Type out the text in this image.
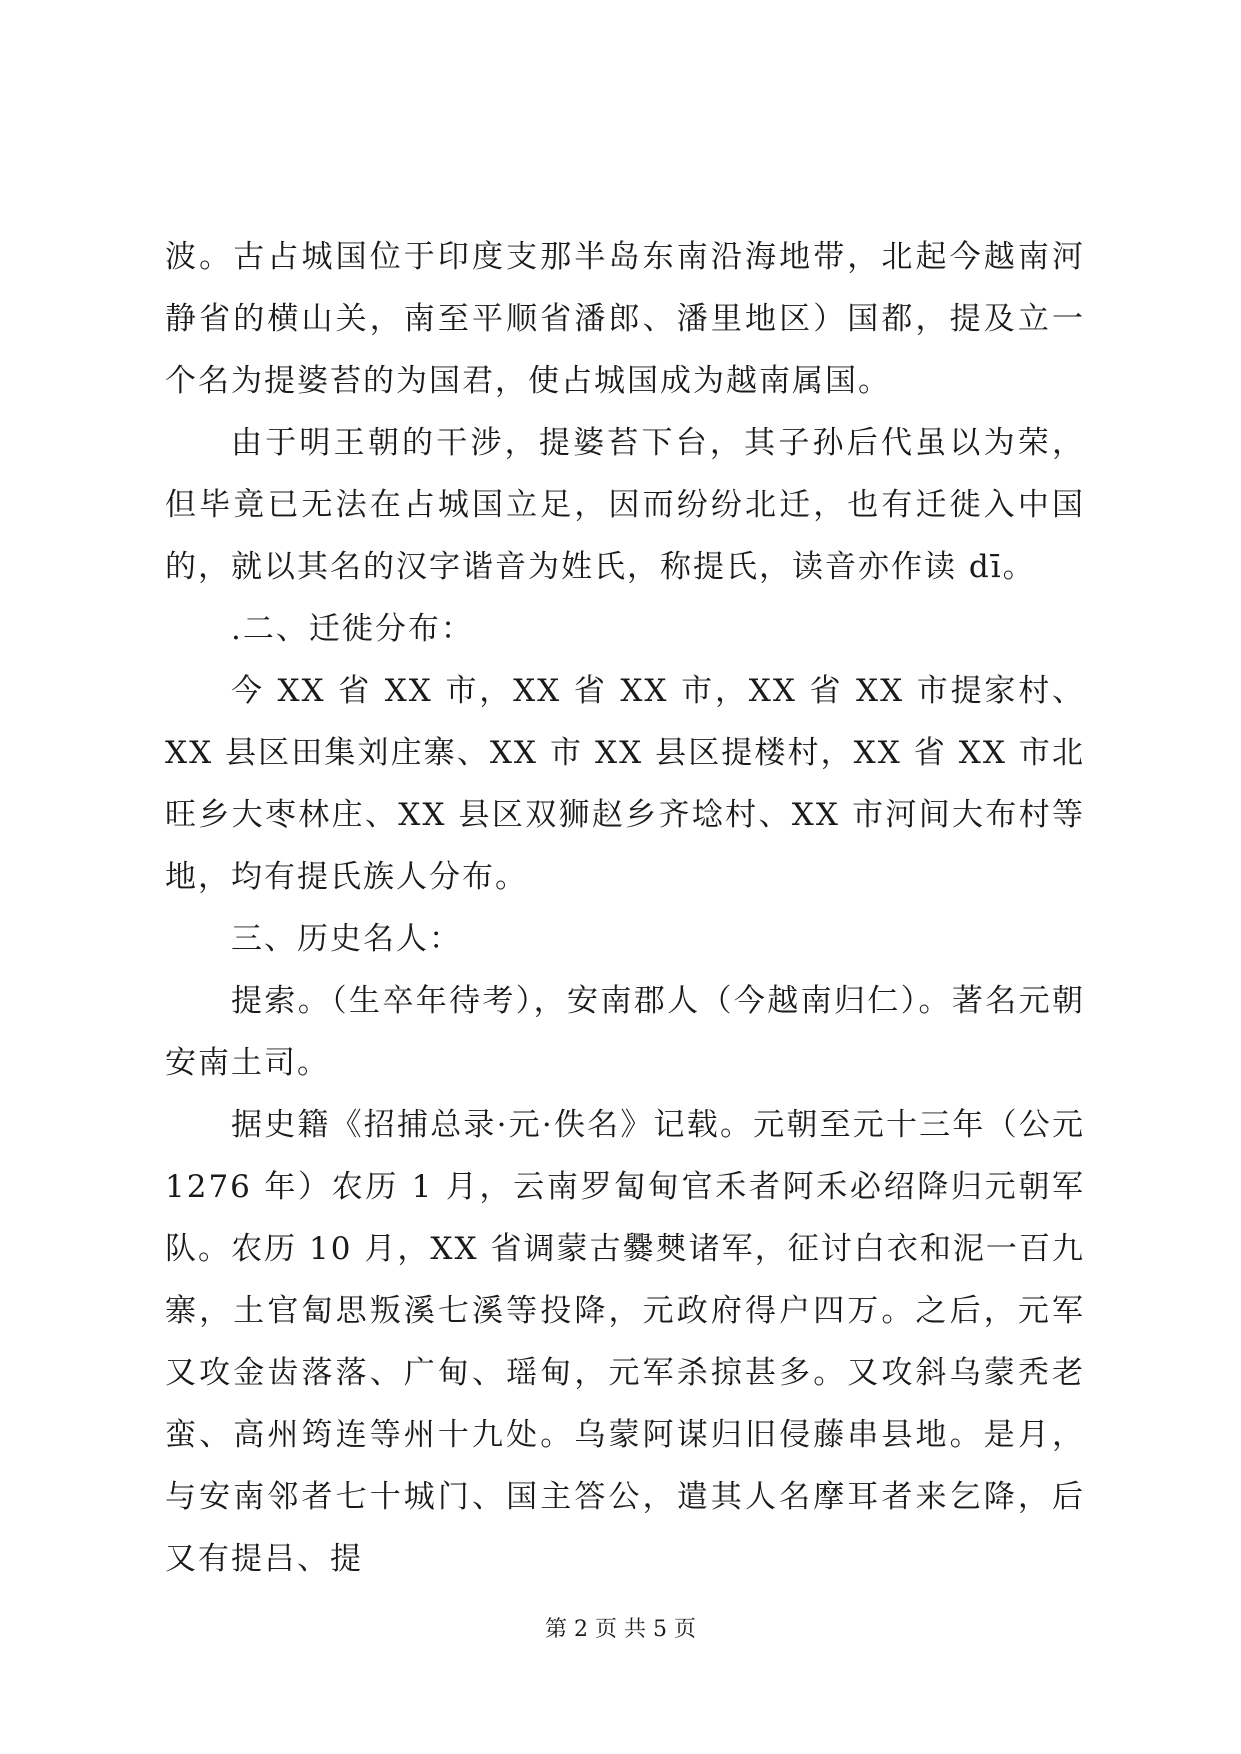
波。古占城国位于印度支那半岛东南沿海地带，北起今越南河静省的横山关，南至平顺省潘郎、潘里地区）国都，提及立一个名为提婆苔的为国君，使占城国成为越南属国。

由于明王朝的干涉，提婆苔下台，其子孙后代虽以为荣，但毕竟已无法在占城国立足，因而纷纷北迁，也有迁徙入中国的，就以其名的汉字谐音为姓氏，称提氏，读音亦作读 dī。

.二、迁徙分布：

今 XX 省 XX 市，XX 省 XX 市，XX 省 XX 市提家村、XX 县区田集刘庄寨、XX 市 XX 县区提楼村，XX 省 XX 市北旺乡大枣林庄、XX 县区双狮赵乡齐埝村、XX 市河间大布村等地，均有提氏族人分布。

三、历史名人：

提索。（生卒年待考），安南郡人（今越南归仁）。著名元朝安南土司。

据史籍《招捕总录·元·佚名》记载。元朝至元十三年（公元 1276 年）农历 1 月，云南罗匐甸官禾者阿禾必绍降归元朝军队。农历 10 月，XX 省调蒙古爨僰诸军，征讨白衣和泥一百九寨，土官匐思叛溪七溪等投降，元政府得户四万。之后，元军又攻金齿落落、广甸、瑶甸，元军杀掠甚多。又攻斜乌蒙秃老蛮、高州筠连等州十九处。乌蒙阿谋归旧侵藤串县地。是月，与安南邻者七十城门、国主答公，遣其人名摩耳者来乞降，后又有提吕、提

第 2 页 共 5 页
